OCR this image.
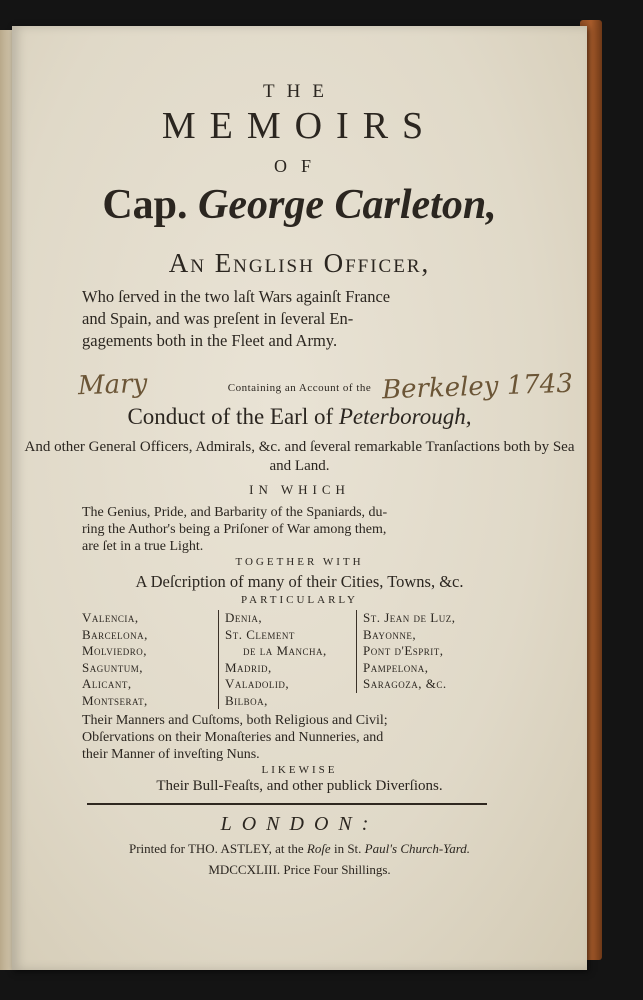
THE
MEMOIRS
OF
Cap. George Carleton,
An English Officer,
Who ſerved in the two laſt Wars againſt France
and Spain, and was preſent in ſeveral En-
gagements both in the Fleet and Army.
Mary	Berkeley 1743
Containing an Account of the
Conduct of the Earl of Peterborough,
And other General Officers, Admirals, &c. and ſeveral remarkable Tranſactions both by Sea and Land.
IN WHICH
The Genius, Pride, and Barbarity of the Spaniards, du-
ring the Author's being a Priſoner of War among them,
are ſet in a true Light.
TOGETHER WITH
A Deſcription of many of their Cities, Towns, &c.
PARTICULARLY
Valencia,
Barcelona,
Molviedro,
Saguntum,
Alicant,
Montserat,
Denia,
St. Clement
de la Mancha,
Madrid,
Valadolid,
Bilboa,
St. Jean de Luz,
Bayonne,
Pont d'Esprit,
Pampelona,
Saragoza, &c.
Their Manners and Cuſtoms, both Religious and Civil;
Obſervations on their Monaſteries and Nunneries, and
their Manner of inveſting Nuns.
LIKEWISE
Their Bull-Feaſts, and other publick Diverſions.
LONDON:
Printed for THO. ASTLEY, at the Roſe in St. Paul's Church-Yard.
MDCCXLIII. Price Four Shillings.
